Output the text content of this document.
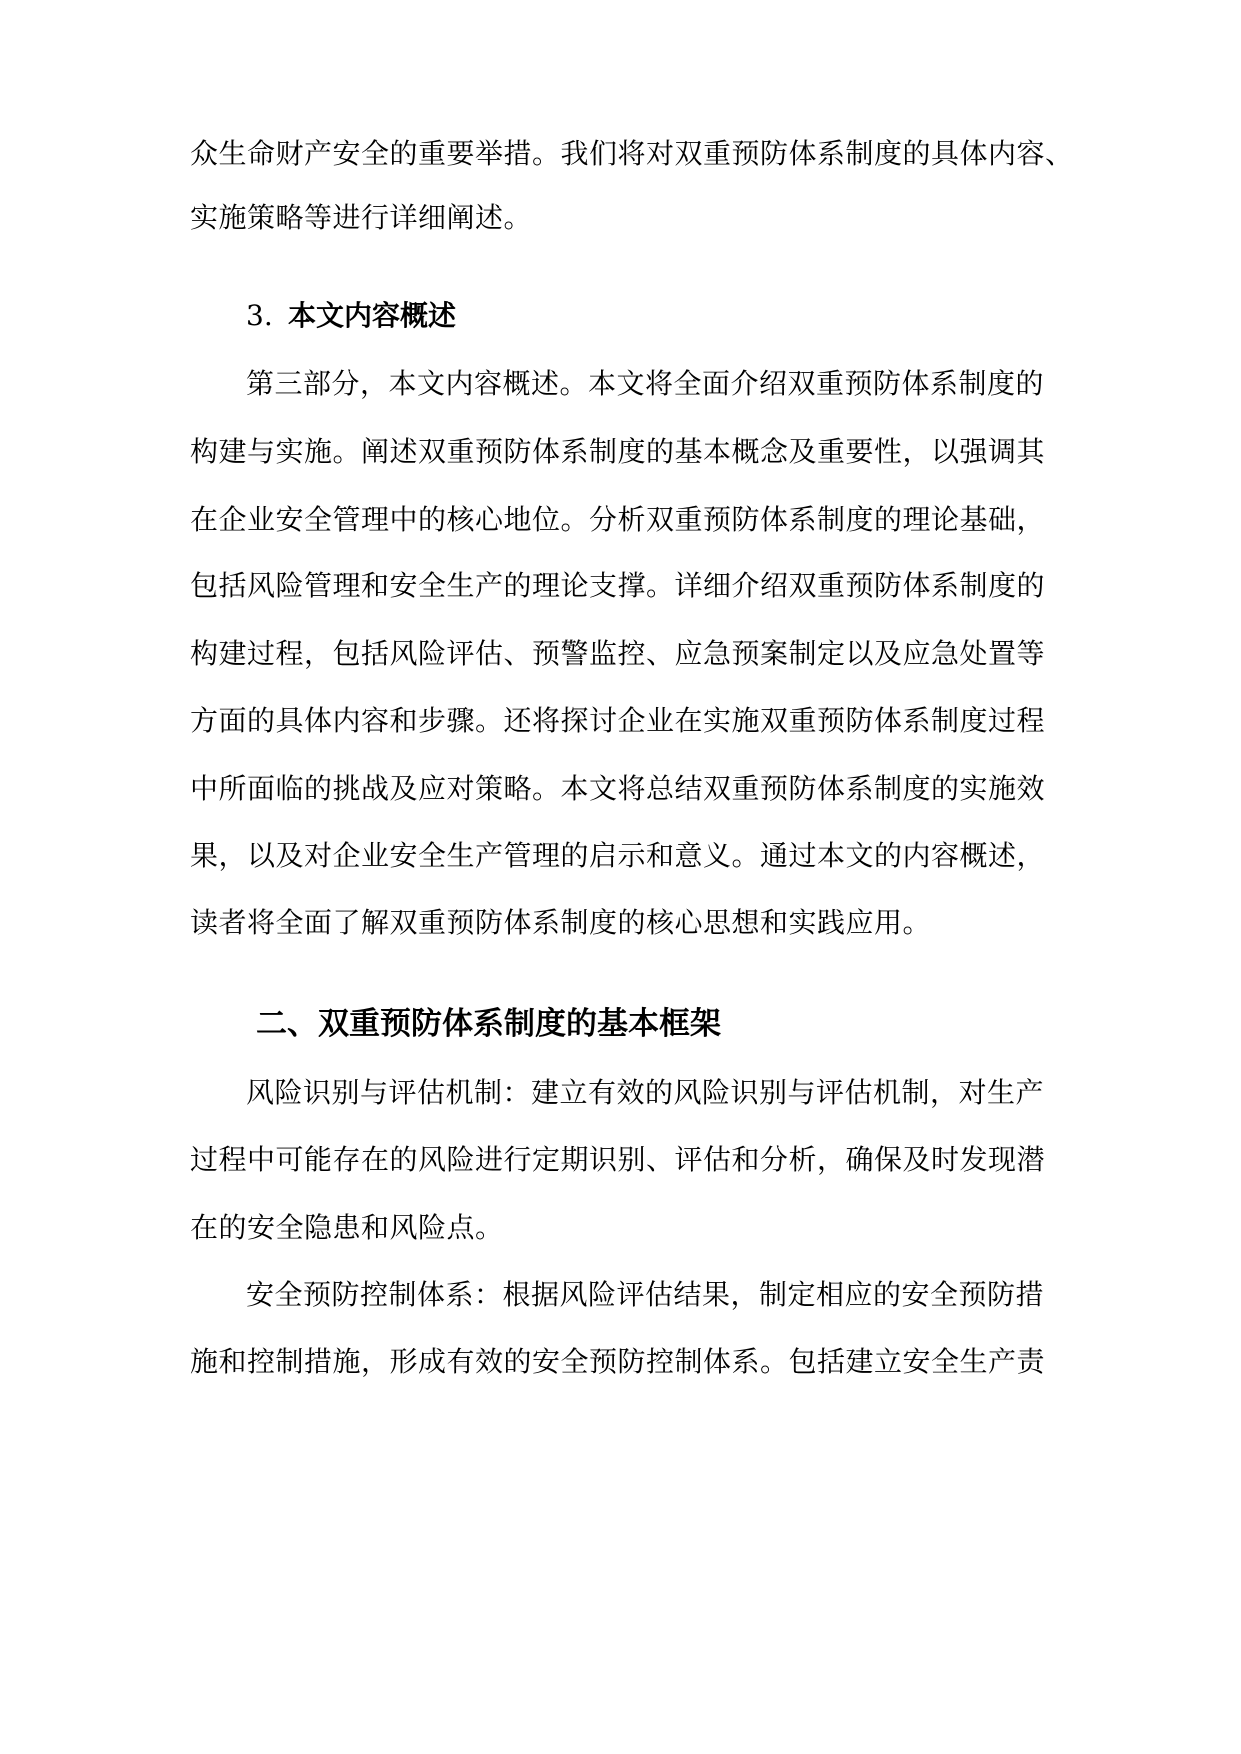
众生命财产安全的重要举措。我们将对双重预防体系制度的具体内容、
实施策略等进行详细阐述。
3. 本文内容概述
第三部分，本文内容概述。本文将全面介绍双重预防体系制度的
构建与实施。阐述双重预防体系制度的基本概念及重要性，以强调其
在企业安全管理中的核心地位。分析双重预防体系制度的理论基础，
包括风险管理和安全生产的理论支撑。详细介绍双重预防体系制度的
构建过程，包括风险评估、预警监控、应急预案制定以及应急处置等
方面的具体内容和步骤。还将探讨企业在实施双重预防体系制度过程
中所面临的挑战及应对策略。本文将总结双重预防体系制度的实施效
果，以及对企业安全生产管理的启示和意义。通过本文的内容概述，
读者将全面了解双重预防体系制度的核心思想和实践应用。
二、双重预防体系制度的基本框架
风险识别与评估机制：建立有效的风险识别与评估机制，对生产
过程中可能存在的风险进行定期识别、评估和分析，确保及时发现潜
在的安全隐患和风险点。
安全预防控制体系：根据风险评估结果，制定相应的安全预防措
施和控制措施，形成有效的安全预防控制体系。包括建立安全生产责
